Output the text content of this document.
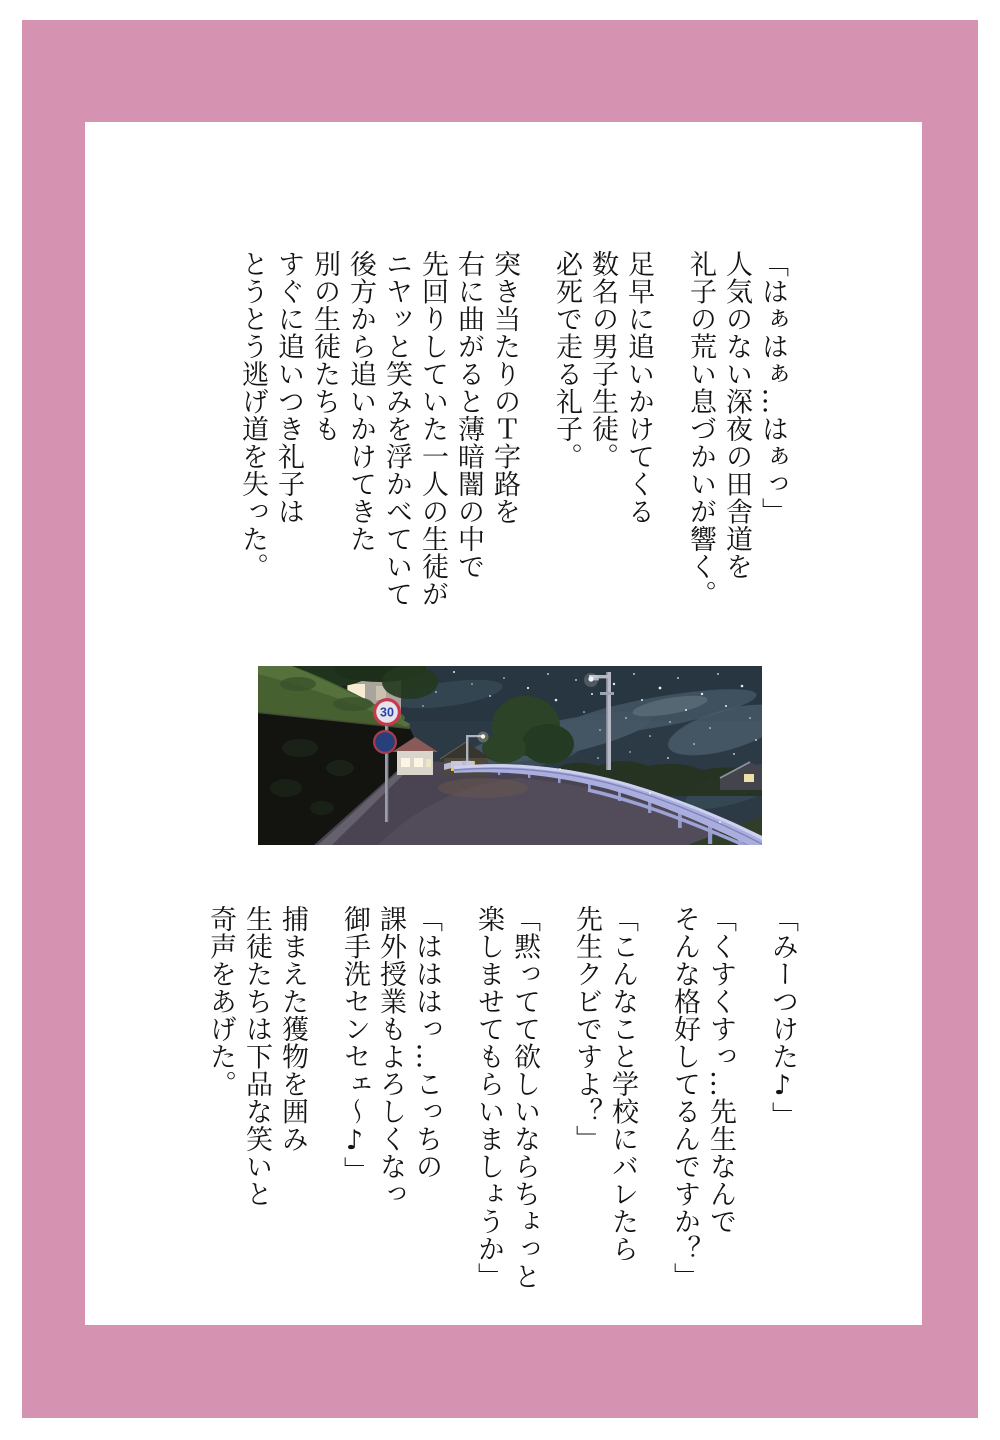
「はぁはぁ…はぁっ」
人気のない深夜の田舎道を
礼子の荒い息づかいが響く。

足早に追いかけてくる
数名の男子生徒。
必死で走る礼子。

突き当たりのＴ字路を
右に曲がると薄暗闇の中で
先回りしていた一人の生徒が
ニヤッと笑みを浮かべていて
後方から追いかけてきた
別の生徒たちも
すぐに追いつき礼子は
とうとう逃げ道を失った。

30

「みーつけた♪」

「くすくすっ…先生なんで
そんな格好してるんですか？」

「こんなこと学校にバレたら
先生クビですよ？」

「黙ってて欲しいならちょっと
楽しませてもらいましょうか」

「はははっ…こっちの
課外授業もよろしくなっ
御手洗センセェ〜♪」

捕まえた獲物を囲み
生徒たちは下品な笑いと
奇声をあげた。
